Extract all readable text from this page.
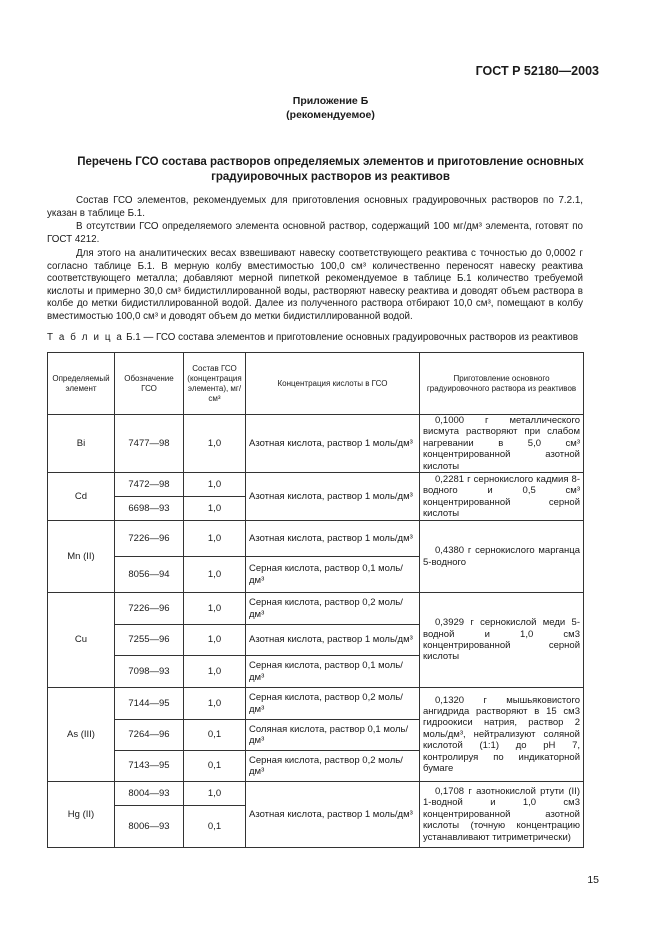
ГОСТ Р 52180—2003
Приложение Б
(рекомендуемое)
Перечень ГСО состава растворов определяемых элементов и приготовление основных
градуировочных растворов из реактивов

Состав ГСО элементов, рекомендуемых для приготовления основных градуировочных растворов по 7.2.1, указан в таблице Б.1.

В отсутствии ГСО определяемого элемента основной раствор, содержащий 100 мг/дм³ элемента, готовят по ГОСТ 4212.

Для этого на аналитических весах взвешивают навеску соответствующего реактива с точностью до 0,0002 г согласно таблице Б.1. В мерную колбу вместимостью 100,0 см³ количественно переносят навеску реактива соответствующего металла; добавляют мерной пипеткой рекомендуемое в таблице Б.1 количество требуемой кислоты и примерно 30,0 см³ бидистиллированной воды, растворяют навеску реактива и доводят объем раствора в колбе до метки бидистиллированной водой. Далее из полученного раствора отбирают 10,0 см³, помещают в колбу вместимостью 100,0 см³ и доводят объем до метки бидистиллированной водой.

Т а б л и ц а Б.1 — ГСО состава элементов и приготовление основных градуировочных растворов из реактивов
Определяемый элемент	Обозначение ГСО	Состав ГСО (концентрация элемента), мг/см³	Концентрация кислоты в ГСО	Приготовление основного градуировочного раствора из реактивов
Bi	7477—98	1,0	Азотная кислота, раствор 1 моль/дм³	0,1000 г металлического висмута растворяют при слабом нагревании в 5,0 см³ концентрированной азотной кислоты

Cd	7472—98	1,0	Азотная кислота, раствор 1 моль/дм³	0,2281 г сернокислого кадмия 8-водного и 0,5 см³ концентрированной серной кислоты

	6698—93	1,0		
Mn (II)	7226—96	1,0	Азотная кислота, раствор 1 моль/дм³	0,4380 г сернокислого марганца 5-водного

	8056—94	1,0	Серная кислота, раствор 0,1 моль/дм³	

Cu	7226—96	1,0	Серная кислота, раствор 0,2 моль/дм³	0,3929 г сернокислой меди 5-водной и 1,0 см3 концентрированной серной кислоты

	7255—96	1,0	Азотная кислота, раствор 1 моль/дм³	

	7098—93	1,0	Серная кислота, раствор 0,1 моль/дм³	

As (III)	7144—95	1,0	Серная кислота, раствор 0,2 моль/дм³	0,1320 г мышьяковистого ангидрида растворяют в 15 см3 гидроокиси натрия, раствор 2 моль/дм³, нейтрализуют соляной кислотой (1:1) до рН 7, контролируя по индикаторной бумаге

	7264—96	0,1	Соляная кислота, раствор 0,1 моль/дм³	

	7143—95	0,1	Серная кислота, раствор 0,2 моль/дм³	

Hg (II)	8004—93	1,0	Азотная кислота, раствор 1 моль/дм³	0,1708 г азотнокислой ртути (II) 1-водной и 1,0 см3 концентрированной азотной кислоты (точную концентрацию устанавливают титриметрически)

	8006—93	0,1		
15
